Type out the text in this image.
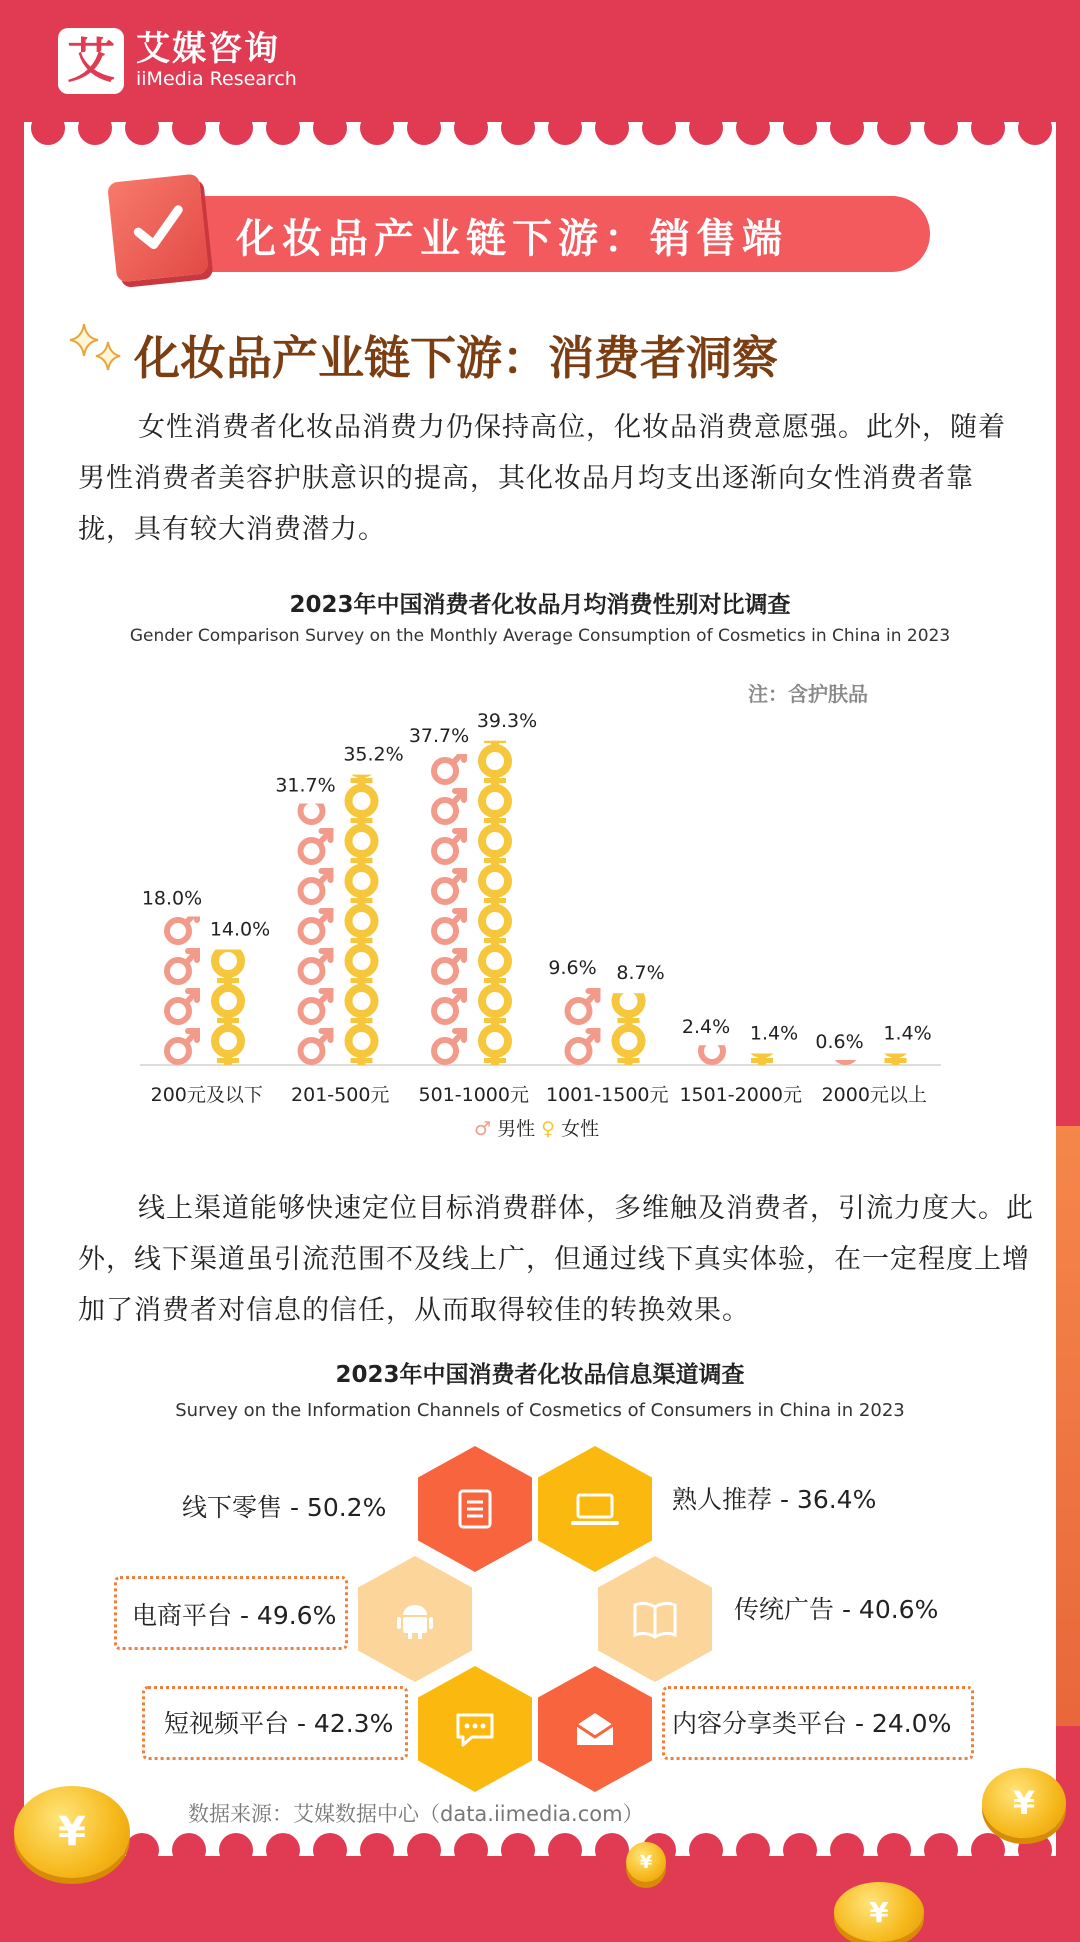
艾 艾媒咨询
iiMedia Research
化妆品产业链下游：销售端
化妆品产业链下游：消费者洞察
女性消费者化妆品消费力仍保持高位，化妆品消费意愿强。此外，随着男性消费者美容护肤意识的提高，其化妆品月均支出逐渐向女性消费者靠拢，具有较大消费潜力。
2023年中国消费者化妆品月均消费性别对比调查
Gender Comparison Survey on the Monthly Average Consumption of Cosmetics in China in 2023
注：含护肤品
200元及以下
18.0%
14.0%
201-500元
31.7%
35.2%
501-1000元
37.7%
39.3%
1001-1500元
9.6% 8.7%
1501-2000元
2.4% 1.4%
2000元以上
0.6% 1.4%
♂ 男性 ♀ 女性
线上渠道能够快速定位目标消费群体，多维触及消费者，引流力度大。此外，线下渠道虽引流范围不及线上广，但通过线下真实体验，在一定程度上增加了消费者对信息的信任，从而取得较佳的转换效果。
2023年中国消费者化妆品信息渠道调查
Survey on the Information Channels of Cosmetics of Consumers in China in 2023
线下零售 - 50.2%	熟人推荐 - 36.4%
电商平台 - 49.6%	传统广告 - 40.6%
短视频平台 - 42.3%	内容分享类平台 - 24.0%
数据来源：艾媒数据中心（data.iimedia.com）
¥
¥
¥
¥
